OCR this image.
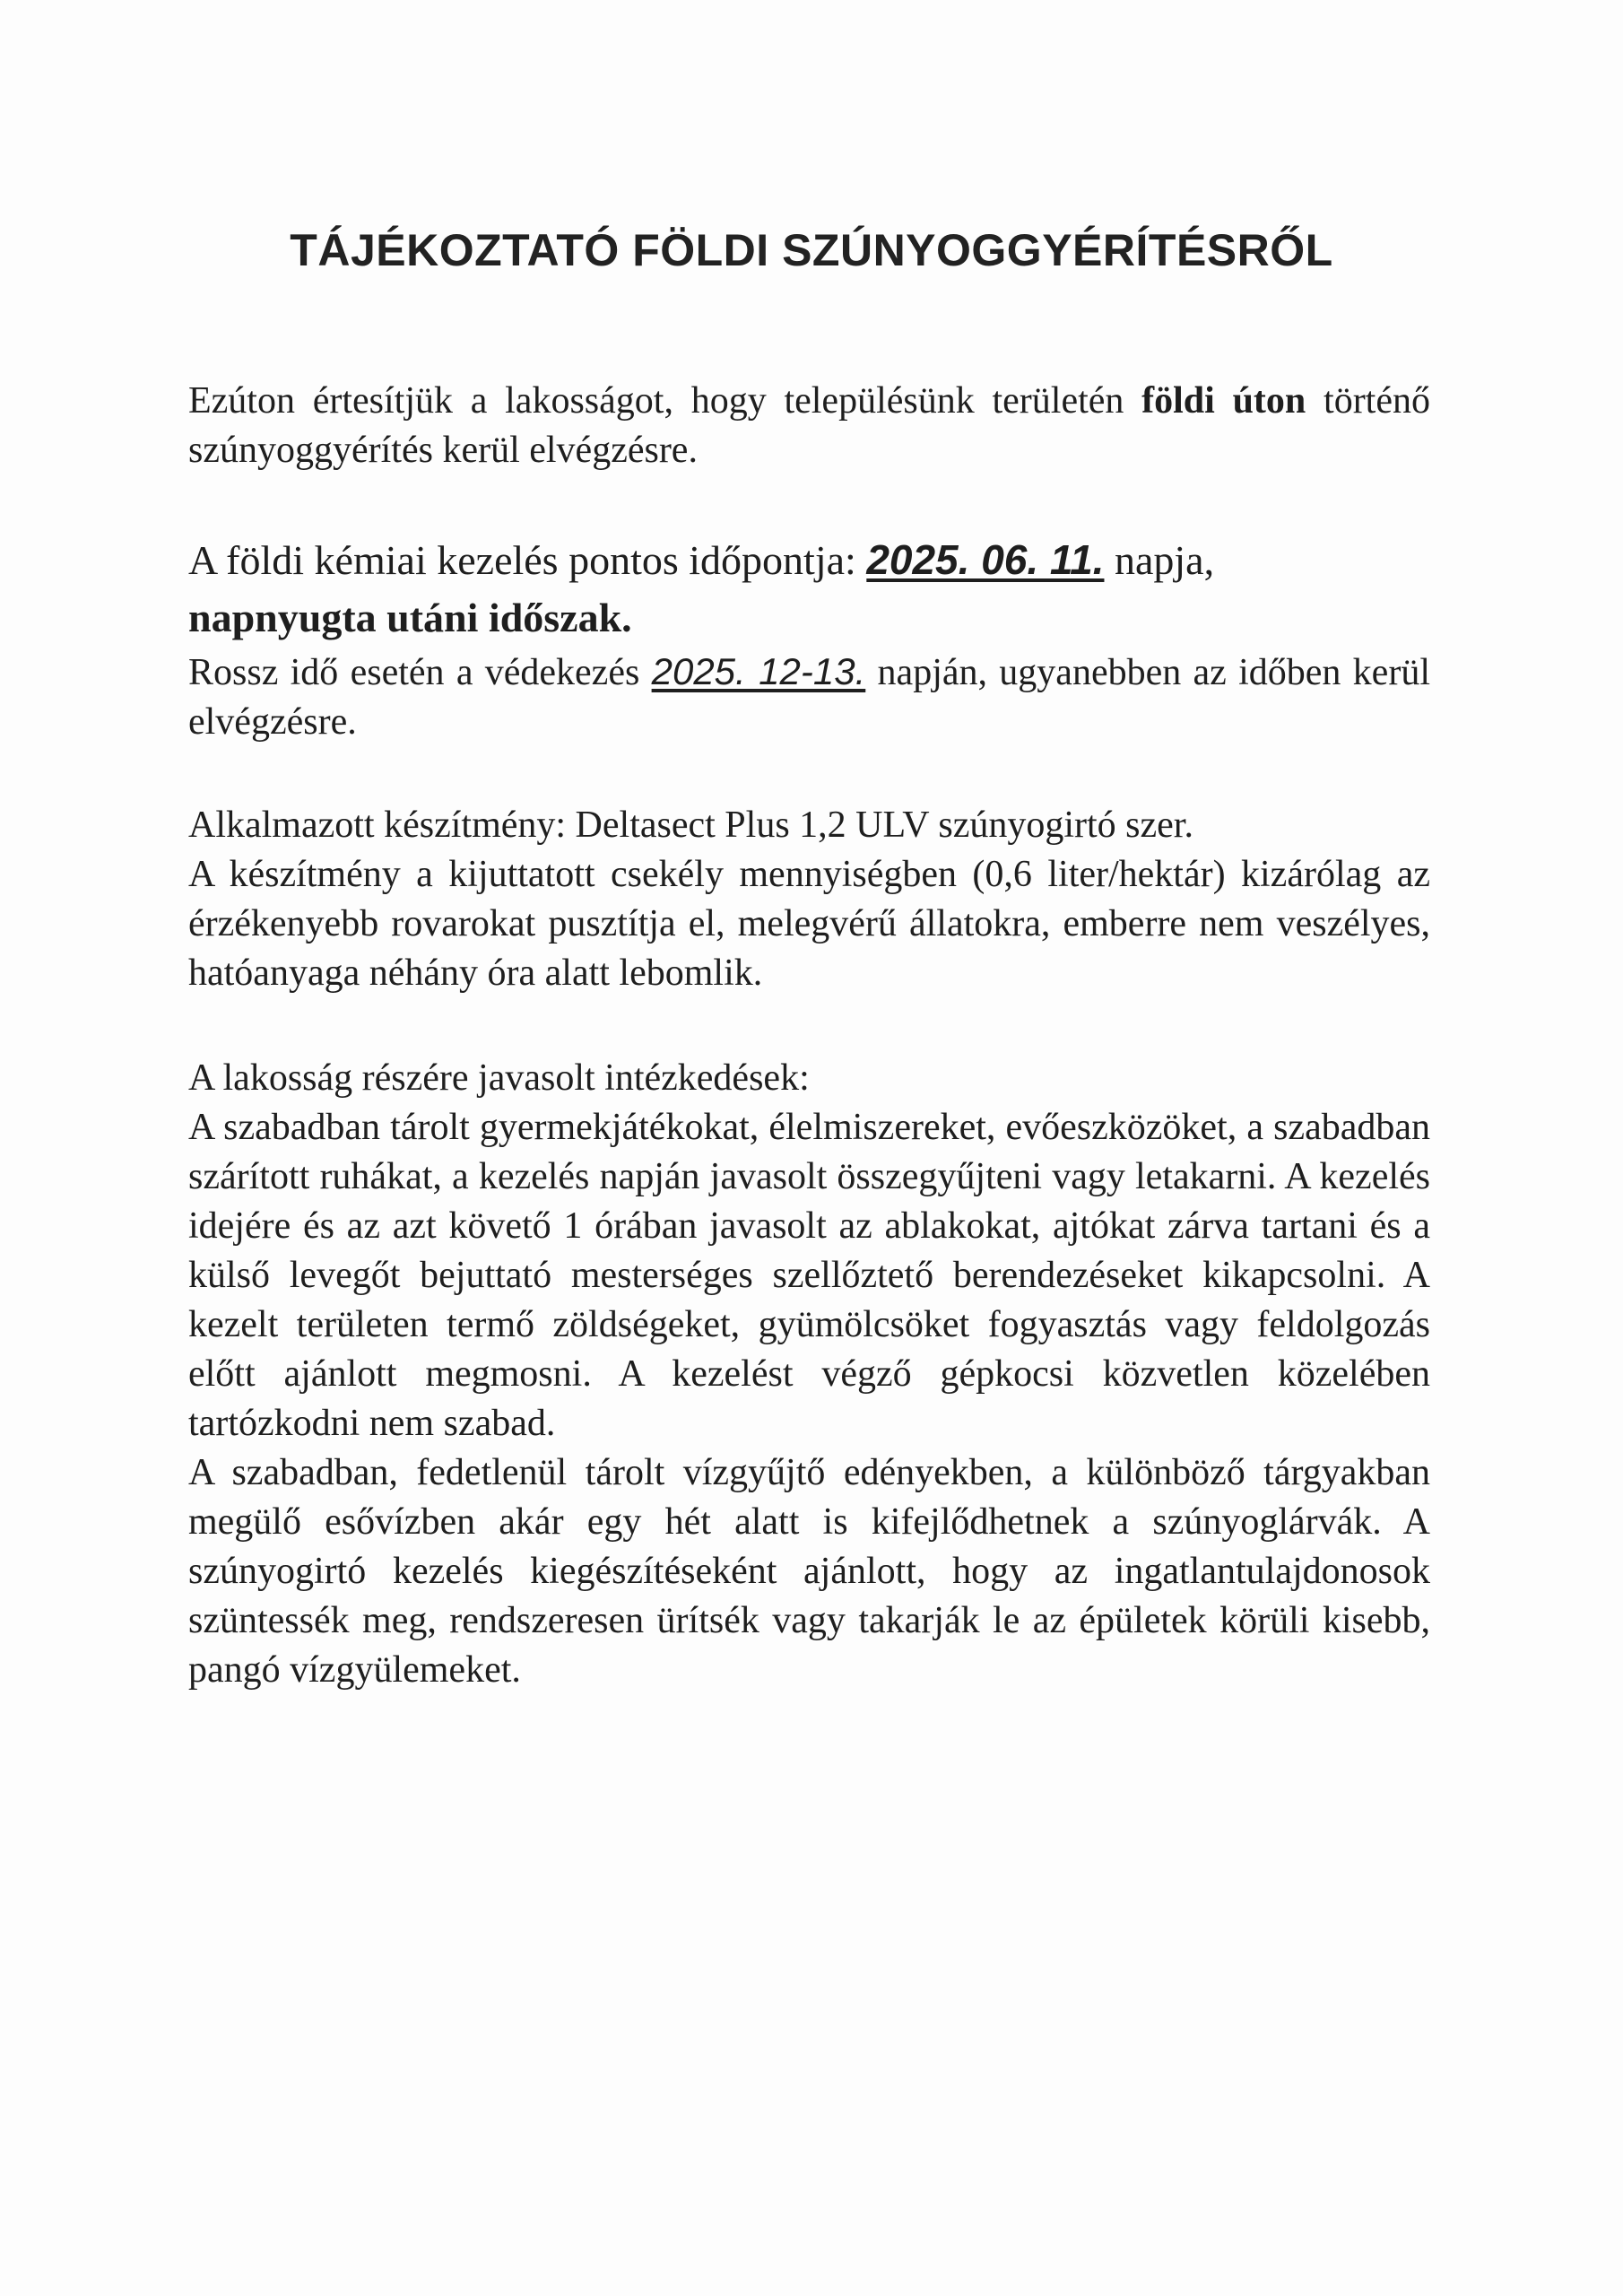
TÁJÉKOZTATÓ FÖLDI SZÚNYOGGYÉRÍTÉSRŐL

Ezúton értesítjük a lakosságot, hogy településünk területén földi úton történő szúnyoggyérítés kerül elvégzésre.

A földi kémiai kezelés pontos időpontja: 2025. 06. 11. napja,
napnyugta utáni időszak.

Rossz idő esetén a védekezés 2025. 12-13. napján, ugyanebben az időben kerül elvégzésre.

Alkalmazott készítmény: Deltasect Plus 1,2 ULV szúnyogirtó szer.

A készítmény a kijuttatott csekély mennyiségben (0,6 liter/hektár) kizárólag az érzékenyebb rovarokat pusztítja el, melegvérű állatokra, emberre nem veszélyes, hatóanyaga néhány óra alatt lebomlik.

A lakosság részére javasolt intézkedések:

A szabadban tárolt gyermekjátékokat, élelmiszereket, evőeszközöket, a szabadban szárított ruhákat, a kezelés napján javasolt összegyűjteni vagy letakarni. A kezelés idejére és az azt követő 1 órában javasolt az ablakokat, ajtókat zárva tartani és a külső levegőt bejuttató mesterséges szellőztető berendezéseket kikapcsolni. A kezelt területen termő zöldségeket, gyümölcsöket fogyasztás vagy feldolgozás előtt ajánlott megmosni. A kezelést végző gépkocsi közvetlen közelében tartózkodni nem szabad.

A szabadban, fedetlenül tárolt vízgyűjtő edényekben, a különböző tárgyakban megülő esővízben akár egy hét alatt is kifejlődhetnek a szúnyoglárvák. A szúnyogirtó kezelés kiegészítéseként ajánlott, hogy az ingatlantulajdonosok szüntessék meg, rendszeresen ürítsék vagy takarják le az épületek körüli kisebb, pangó vízgyülemeket.
